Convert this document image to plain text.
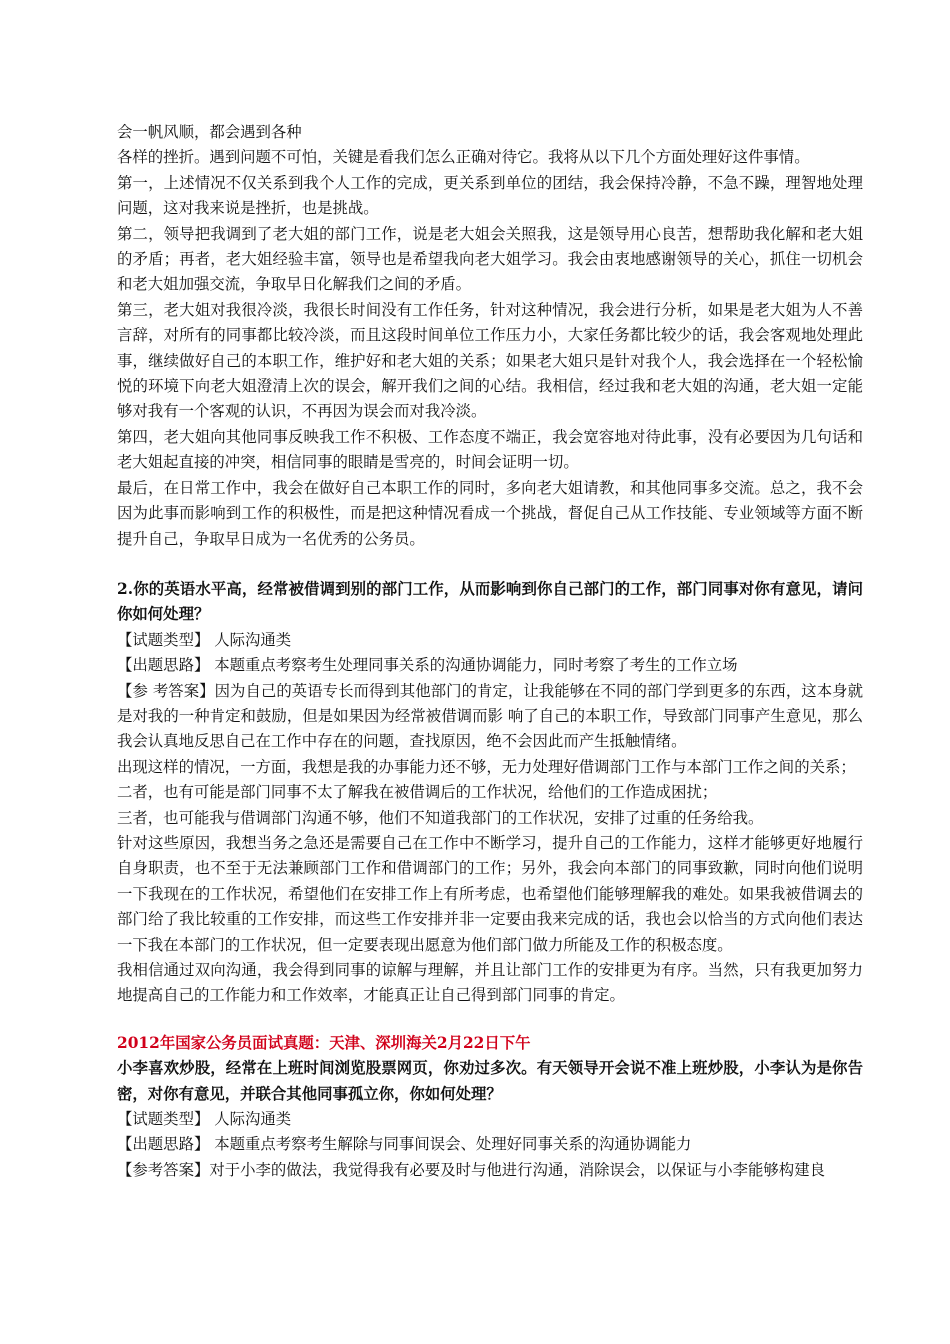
会一帆风顺，都会遇到各种

各样的挫折。遇到问题不可怕，关键是看我们怎么正确对待它。我将从以下几个方面处理好这件事情。

第一，上述情况不仅关系到我个人工作的完成，更关系到单位的团结，我会保持冷静，不急不躁，理智地处理问题，这对我来说是挫折，也是挑战。

第二，领导把我调到了老大姐的部门工作，说是老大姐会关照我，这是领导用心良苦，想帮助我化解和老大姐的矛盾；再者，老大姐经验丰富，领导也是希望我向老大姐学习。我会由衷地感谢领导的关心，抓住一切机会和老大姐加强交流，争取早日化解我们之间的矛盾。

第三，老大姐对我很冷淡，我很长时间没有工作任务，针对这种情况，我会进行分析，如果是老大姐为人不善言辞，对所有的同事都比较冷淡，而且这段时间单位工作压力小，大家任务都比较少的话，我会客观地处理此事，继续做好自己的本职工作，维护好和老大姐的关系；如果老大姐只是针对我个人，我会选择在一个轻松愉悦的环境下向老大姐澄清上次的误会，解开我们之间的心结。我相信，经过我和老大姐的沟通，老大姐一定能够对我有一个客观的认识，不再因为误会而对我冷淡。

第四，老大姐向其他同事反映我工作不积极、工作态度不端正，我会宽容地对待此事，没有必要因为几句话和老大姐起直接的冲突，相信同事的眼睛是雪亮的，时间会证明一切。

最后，在日常工作中，我会在做好自己本职工作的同时，多向老大姐请教，和其他同事多交流。总之，我不会因为此事而影响到工作的积极性，而是把这种情况看成一个挑战，督促自己从工作技能、专业领域等方面不断提升自己，争取早日成为一名优秀的公务员。

2.你的英语水平高，经常被借调到别的部门工作，从而影响到你自己部门的工作，部门同事对你有意见，请问你如何处理？

【试题类型】 人际沟通类

【出题思路】 本题重点考察考生处理同事关系的沟通协调能力，同时考察了考生的工作立场

【参 考答案】因为自己的英语专长而得到其他部门的肯定，让我能够在不同的部门学到更多的东西，这本身就是对我的一种肯定和鼓励，但是如果因为经常被借调而影 响了自己的本职工作，导致部门同事产生意见，那么我会认真地反思自己在工作中存在的问题，查找原因，绝不会因此而产生抵触情绪。

出现这样的情况，一方面，我想是我的办事能力还不够，无力处理好借调部门工作与本部门工作之间的关系；

二者，也有可能是部门同事不太了解我在被借调后的工作状况，给他们的工作造成困扰；

三者，也可能我与借调部门沟通不够，他们不知道我部门的工作状况，安排了过重的任务给我。

针对这些原因，我想当务之急还是需要自己在工作中不断学习，提升自己的工作能力，这样才能够更好地履行自身职责，也不至于无法兼顾部门工作和借调部门的工作；另外，我会向本部门的同事致歉，同时向他们说明一下我现在的工作状况，希望他们在安排工作上有所考虑，也希望他们能够理解我的难处。如果我被借调去的 部门给了我比较重的工作安排，而这些工作安排并非一定要由我来完成的话，我也会以恰当的方式向他们表达一下我在本部门的工作状况，但一定要表现出愿意为他们部门做力所能及工作的积极态度。

我相信通过双向沟通，我会得到同事的谅解与理解，并且让部门工作的安排更为有序。当然，只有我更加努力地提高自己的工作能力和工作效率，才能真正让自己得到部门同事的肯定。

2012年国家公务员面试真题：天津、深圳海关2月22日下午

小李喜欢炒股，经常在上班时间浏览股票网页，你劝过多次。有天领导开会说不准上班炒股，小李认为是你告密，对你有意见，并联合其他同事孤立你，你如何处理？

【试题类型】 人际沟通类

【出题思路】 本题重点考察考生解除与同事间误会、处理好同事关系的沟通协调能力

【参考答案】对于小李的做法，我觉得我有必要及时与他进行沟通，消除误会，以保证与小李能够构建良
